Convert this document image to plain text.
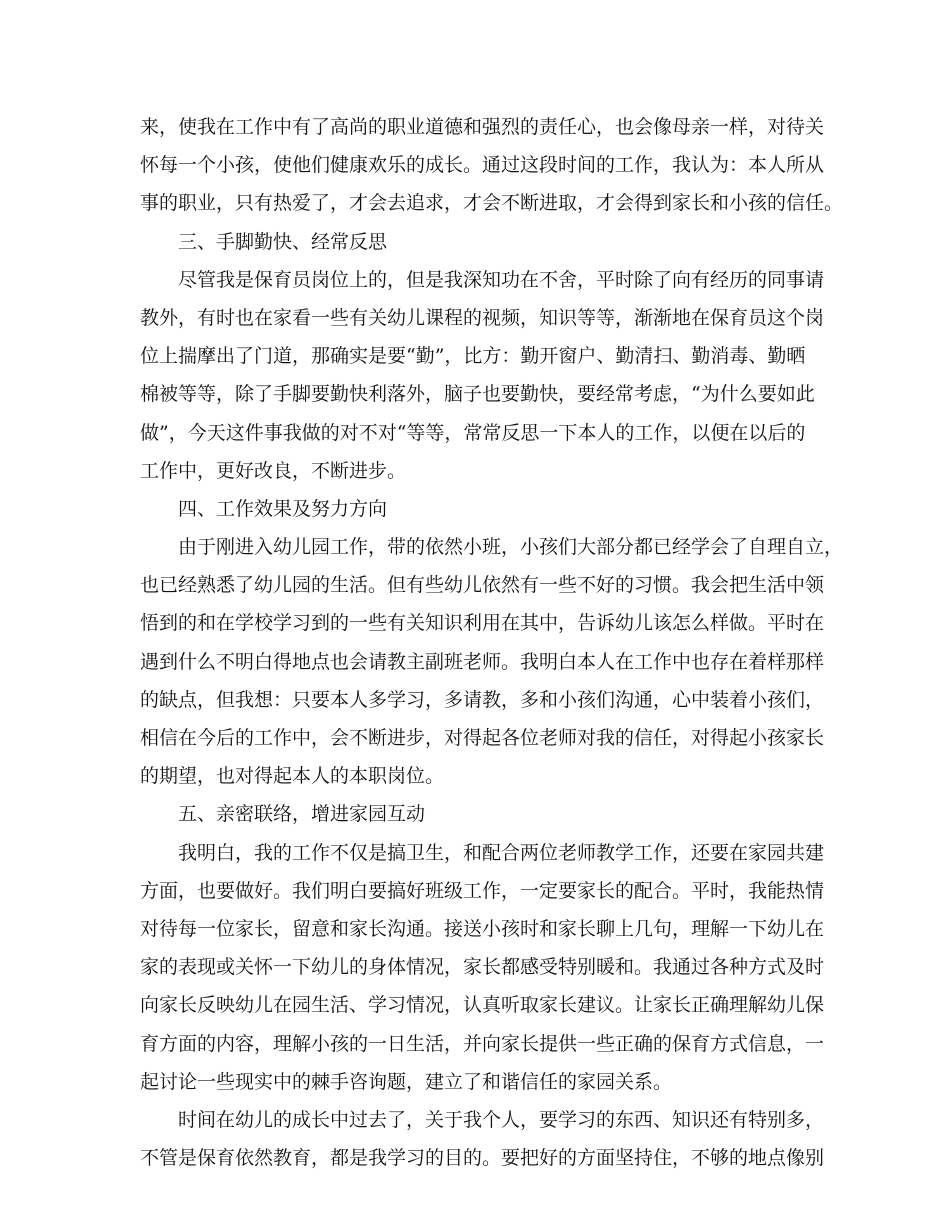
来，使我在工作中有了高尚的职业道德和强烈的责任心，也会像母亲一样，对待关
怀每一个小孩，使他们健康欢乐的成长。通过这段时间的工作，我认为：本人所从
事的职业，只有热爱了，才会去追求，才会不断进取，才会得到家长和小孩的信任。
三、手脚勤快、经常反思
尽管我是保育员岗位上的，但是我深知功在不舍，平时除了向有经历的同事请
教外，有时也在家看一些有关幼儿课程的视频，知识等等，渐渐地在保育员这个岗
位上揣摩出了门道，那确实是要“勤”，比方：勤开窗户、勤清扫、勤消毒、勤晒
棉被等等，除了手脚要勤快利落外，脑子也要勤快，要经常考虑，“为什么要如此
做”，今天这件事我做的对不对“等等，常常反思一下本人的工作，以便在以后的
工作中，更好改良，不断进步。
四、工作效果及努力方向
由于刚进入幼儿园工作，带的依然小班，小孩们大部分都已经学会了自理自立，
也已经熟悉了幼儿园的生活。但有些幼儿依然有一些不好的习惯。我会把生活中领
悟到的和在学校学习到的一些有关知识利用在其中，告诉幼儿该怎么样做。平时在
遇到什么不明白得地点也会请教主副班老师。我明白本人在工作中也存在着样那样
的缺点，但我想：只要本人多学习，多请教，多和小孩们沟通，心中装着小孩们，
相信在今后的工作中，会不断进步，对得起各位老师对我的信任，对得起小孩家长
的期望，也对得起本人的本职岗位。
五、亲密联络，增进家园互动
我明白，我的工作不仅是搞卫生，和配合两位老师教学工作，还要在家园共建
方面，也要做好。我们明白要搞好班级工作，一定要家长的配合。平时，我能热情
对待每一位家长，留意和家长沟通。接送小孩时和家长聊上几句，理解一下幼儿在
家的表现或关怀一下幼儿的身体情况，家长都感受特别暖和。我通过各种方式及时
向家长反映幼儿在园生活、学习情况，认真听取家长建议。让家长正确理解幼儿保
育方面的内容，理解小孩的一日生活，并向家长提供一些正确的保育方式信息，一
起讨论一些现实中的棘手咨询题，建立了和谐信任的家园关系。
时间在幼儿的成长中过去了，关于我个人，要学习的东西、知识还有特别多，
不管是保育依然教育，都是我学习的目的。要把好的方面坚持住，不够的地点像别
